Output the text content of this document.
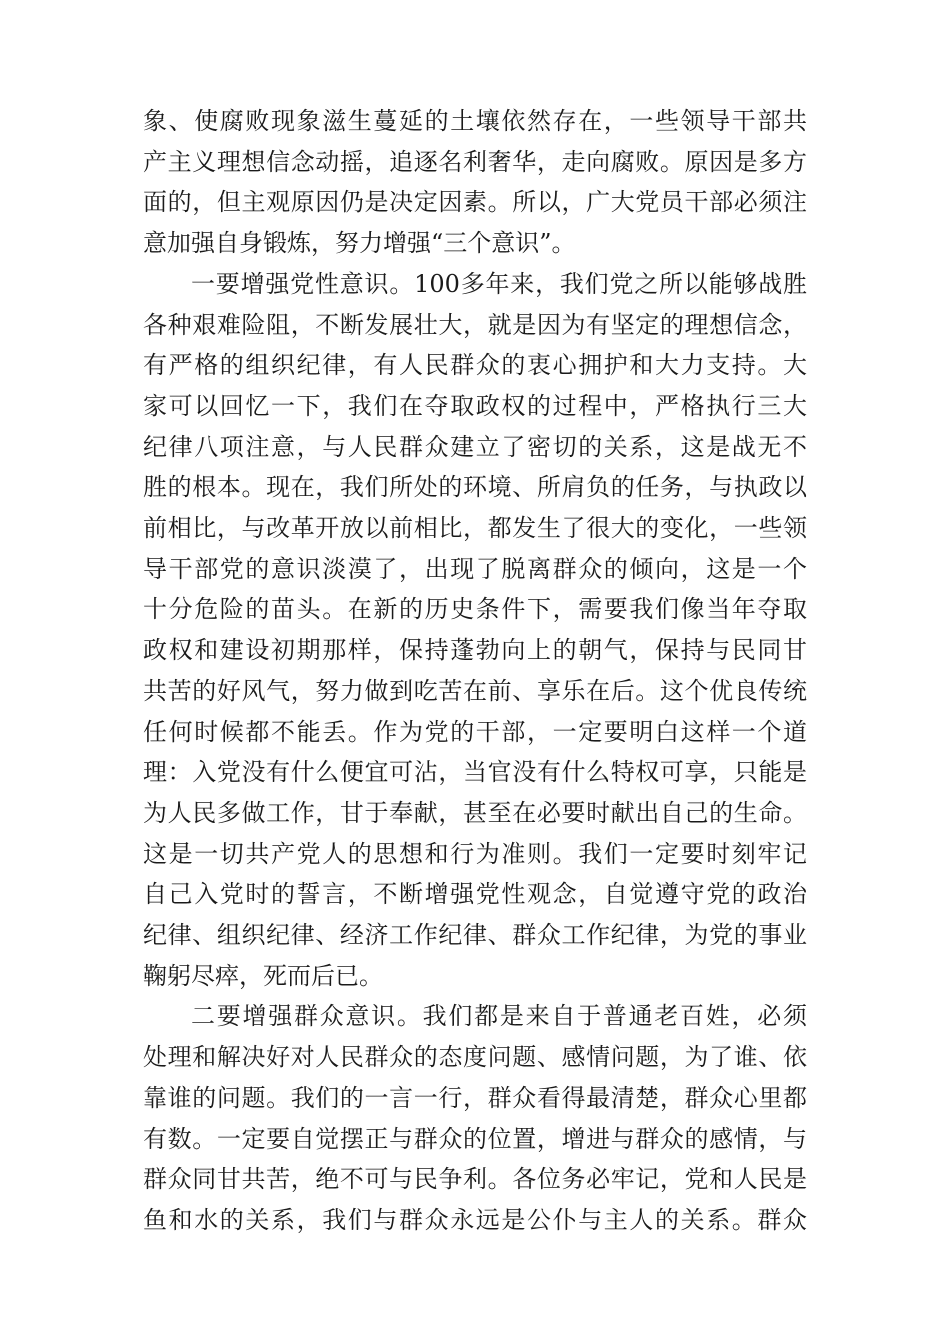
象、使腐败现象滋生蔓延的土壤依然存在，一些领导干部共
产主义理想信念动摇，追逐名利奢华，走向腐败。原因是多方
面的，但主观原因仍是决定因素。所以，广大党员干部必须注
意加强自身锻炼，努力增强“三个意识”。
一要增强党性意识。100多年来，我们党之所以能够战胜
各种艰难险阻，不断发展壮大，就是因为有坚定的理想信念，
有严格的组织纪律，有人民群众的衷心拥护和大力支持。大
家可以回忆一下，我们在夺取政权的过程中，严格执行三大
纪律八项注意，与人民群众建立了密切的关系，这是战无不
胜的根本。现在，我们所处的环境、所肩负的任务，与执政以
前相比，与改革开放以前相比，都发生了很大的变化，一些领
导干部党的意识淡漠了，出现了脱离群众的倾向，这是一个
十分危险的苗头。在新的历史条件下，需要我们像当年夺取
政权和建设初期那样，保持蓬勃向上的朝气，保持与民同甘
共苦的好风气，努力做到吃苦在前、享乐在后。这个优良传统
任何时候都不能丢。作为党的干部，一定要明白这样一个道
理：入党没有什么便宜可沾，当官没有什么特权可享，只能是
为人民多做工作，甘于奉献，甚至在必要时献出自己的生命。
这是一切共产党人的思想和行为准则。我们一定要时刻牢记
自己入党时的誓言，不断增强党性观念，自觉遵守党的政治
纪律、组织纪律、经济工作纪律、群众工作纪律，为党的事业
鞠躬尽瘁，死而后已。
二要增强群众意识。我们都是来自于普通老百姓，必须
处理和解决好对人民群众的态度问题、感情问题，为了谁、依
靠谁的问题。我们的一言一行，群众看得最清楚，群众心里都
有数。一定要自觉摆正与群众的位置，增进与群众的感情，与
群众同甘共苦，绝不可与民争利。各位务必牢记，党和人民是
鱼和水的关系，我们与群众永远是公仆与主人的关系。群众
